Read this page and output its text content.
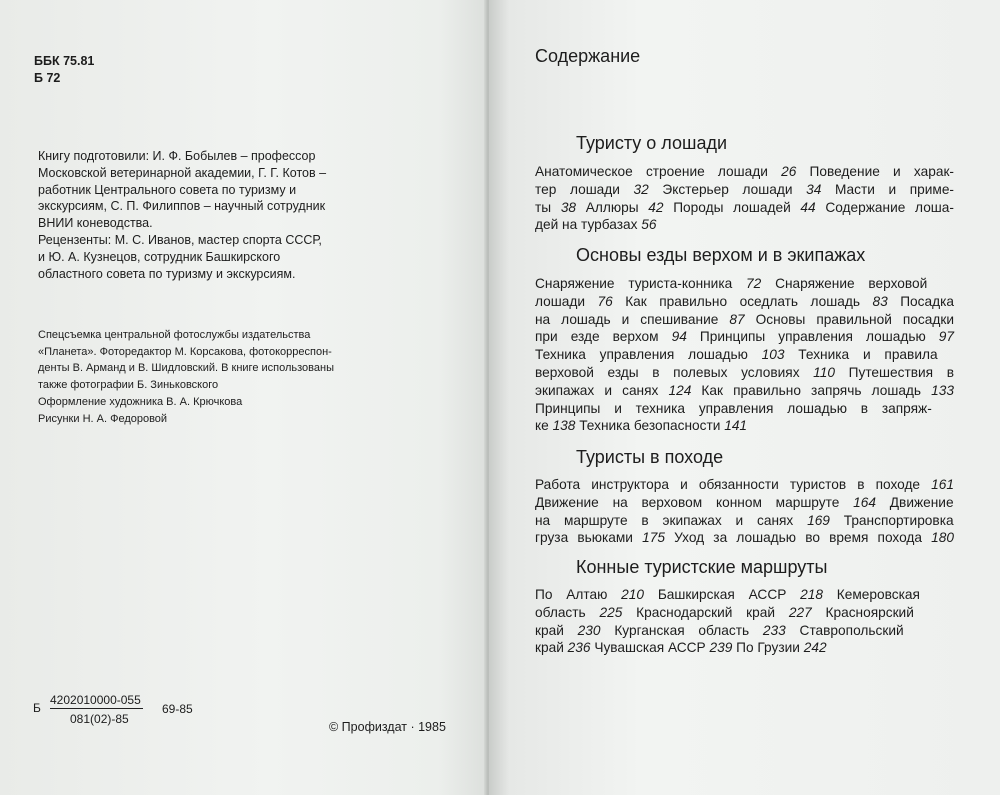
ББК 75.81
Б 72
Книгу подготовили: И. Ф. Бобылев – профессор
Московской ветеринарной академии, Г. Г. Котов –
работник Центрального совета по туризму и
экскурсиям, С. П. Филиппов – научный сотрудник
ВНИИ коневодства.
Рецензенты: М. С. Иванов, мастер спорта СССР,
и Ю. А. Кузнецов, сотрудник Башкирского
областного совета по туризму и экскурсиям.
Спецсъемка центральной фотослужбы издательства
«Планета». Фоторедактор М. Корсакова, фотокорреспон-
денты В. Арманд и В. Шидловский. В книге использованы
также фотографии Б. Зиньковского
Оформление художника В. А. Крючкова
Рисунки Н. А. Федоровой
Б
4202010000-055
081(02)-85
69-85
© Профиздат · 1985
Содержание
Туристу о лошади
Анатомическое строение лошади 26 Поведение и харак-
тер лошади 32 Экстерьер лошади 34 Масти и приме-
ты 38 Аллюры 42 Породы лошадей 44 Содержание лоша-
дей на турбазах 56
Основы езды верхом и в экипажах
Снаряжение туриста-конника 72 Снаряжение верховой
лошади 76 Как правильно оседлать лошадь 83 Посадка
на лошадь и спешивание 87 Основы правильной посадки
при езде верхом 94 Принципы управления лошадью 97
Техника управления лошадью 103 Техника и правила
верховой езды в полевых условиях 110 Путешествия в
экипажах и санях 124 Как правильно запрячь лошадь 133
Принципы и техника управления лошадью в запряж-
ке 138 Техника безопасности 141
Туристы в походе
Работа инструктора и обязанности туристов в походе 161
Движение на верховом конном маршруте 164 Движение
на маршруте в экипажах и санях 169 Транспортировка
груза вьюками 175 Уход за лошадью во время похода 180
Конные туристские маршруты
По Алтаю 210 Башкирская АССР 218 Кемеровская
область 225 Краснодарский край 227 Красноярский
край 230 Курганская область 233 Ставропольский
край 236 Чувашская АССР 239 По Грузии 242
